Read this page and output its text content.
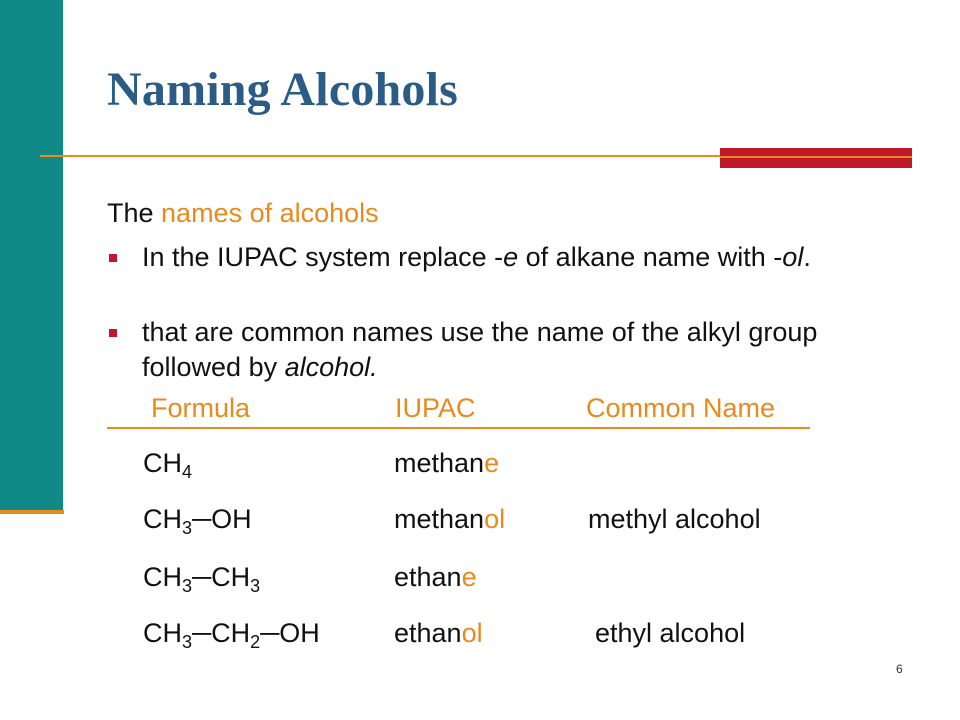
Naming Alcohols
The names of alcohols
In the IUPAC system replace -e of alkane name with -ol.
that are common names use the name of the alkyl group followed by alcohol.
Formula	IUPAC	Common Name
$CH_4$	methane
$CH_3─OH$	methanol	methyl alcohol
$CH_3─CH_3$	ethane
$CH_3─CH_2─OH$	ethanol	ethyl alcohol
6
